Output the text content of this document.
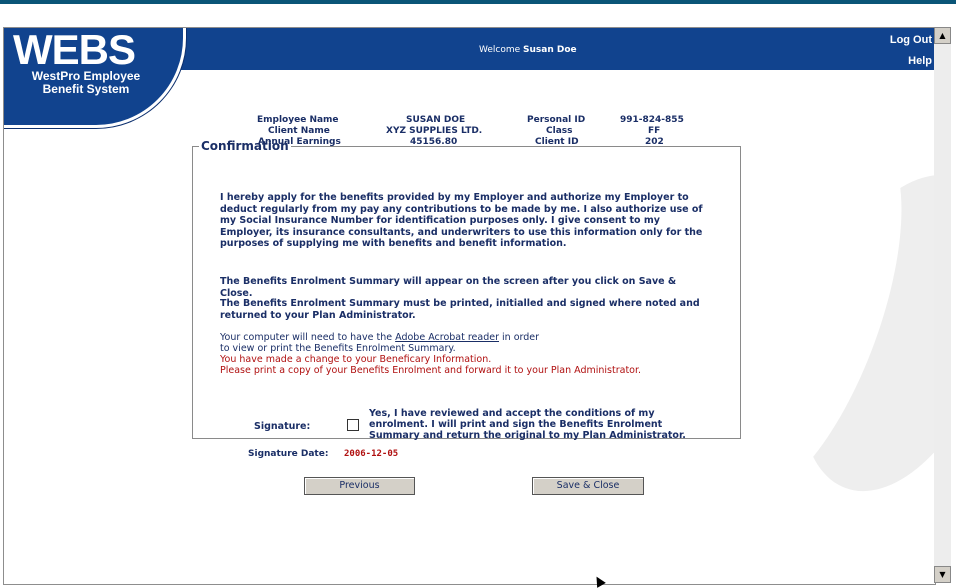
Welcome Susan Doe
Log Out
Help
WEBS
WestPro Employee Benefit System
Employee Name	SUSAN DOE	Personal ID	991-824-855
Client Name	XYZ SUPPLIES LTD.	Class	FF
Annual Earnings	45156.80	Client ID	202
Confirmation
I hereby apply for the benefits provided by my Employer and authorize my Employer to deduct regularly from my pay any contributions to be made by me. I also authorize use of my Social Insurance Number for identification purposes only. I give consent to my Employer, its insurance consultants, and underwriters to use this information only for the purposes of supplying me with benefits and benefit information.
The Benefits Enrolment Summary will appear on the screen after you click on Save & Close.
The Benefits Enrolment Summary must be printed, initialled and signed where noted and returned to your Plan Administrator.
Your computer will need to have the Adobe Acrobat reader in order
to view or print the Benefits Enrolment Summary.
You have made a change to your Beneficary Information.
Please print a copy of your Benefits Enrolment and forward it to your Plan Administrator.
Signature:
Yes, I have reviewed and accept the conditions of my enrolment. I will print and sign the Benefits Enrolment Summary and return the original to my Plan Administrator.
Signature Date: 2006-12-05
Previous	Save & Close
▲
▼
